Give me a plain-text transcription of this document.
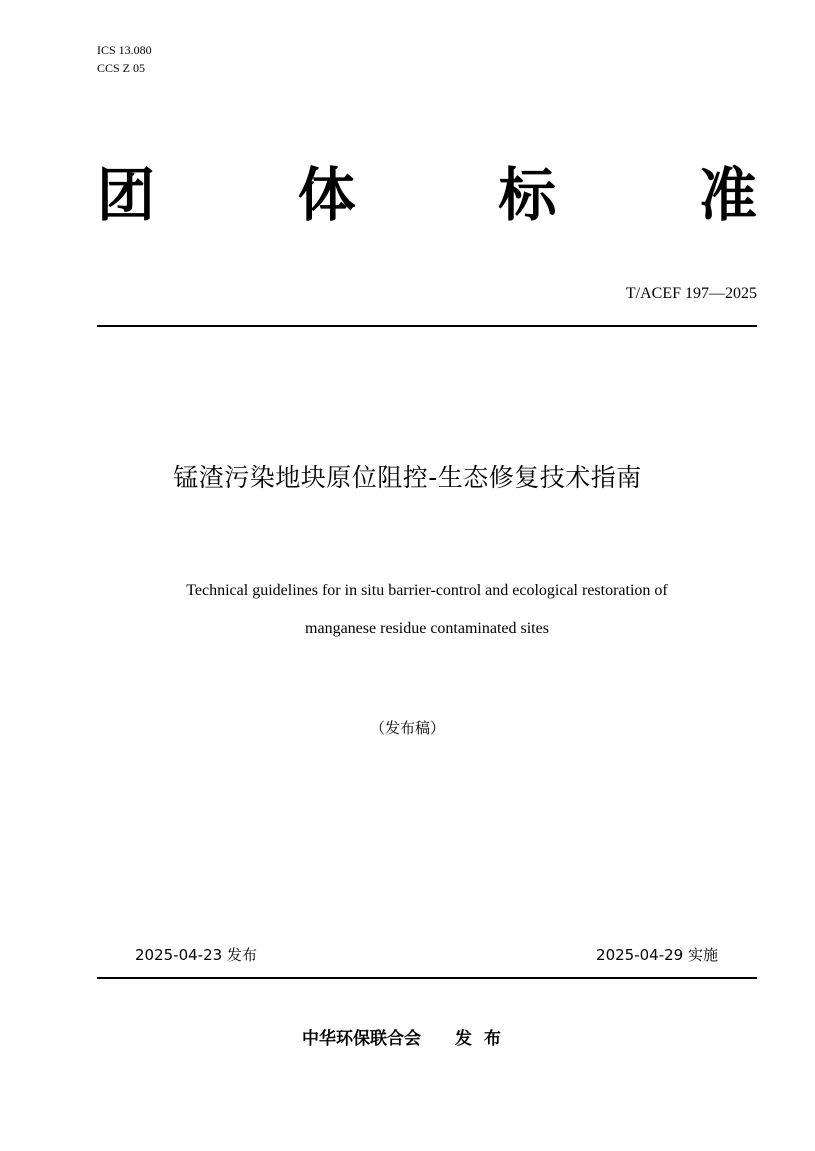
ICS 13.080
CCS Z 05
团 体 标 准
T/ACEF 197—2025
锰渣污染地块原位阻控-生态修复技术指南
Technical guidelines for in situ barrier-control and ecological restoration of
manganese residue contaminated sites
（发布稿）
2025-04-23 发布	2025-04-29 实施
中华环保联合会 发布
